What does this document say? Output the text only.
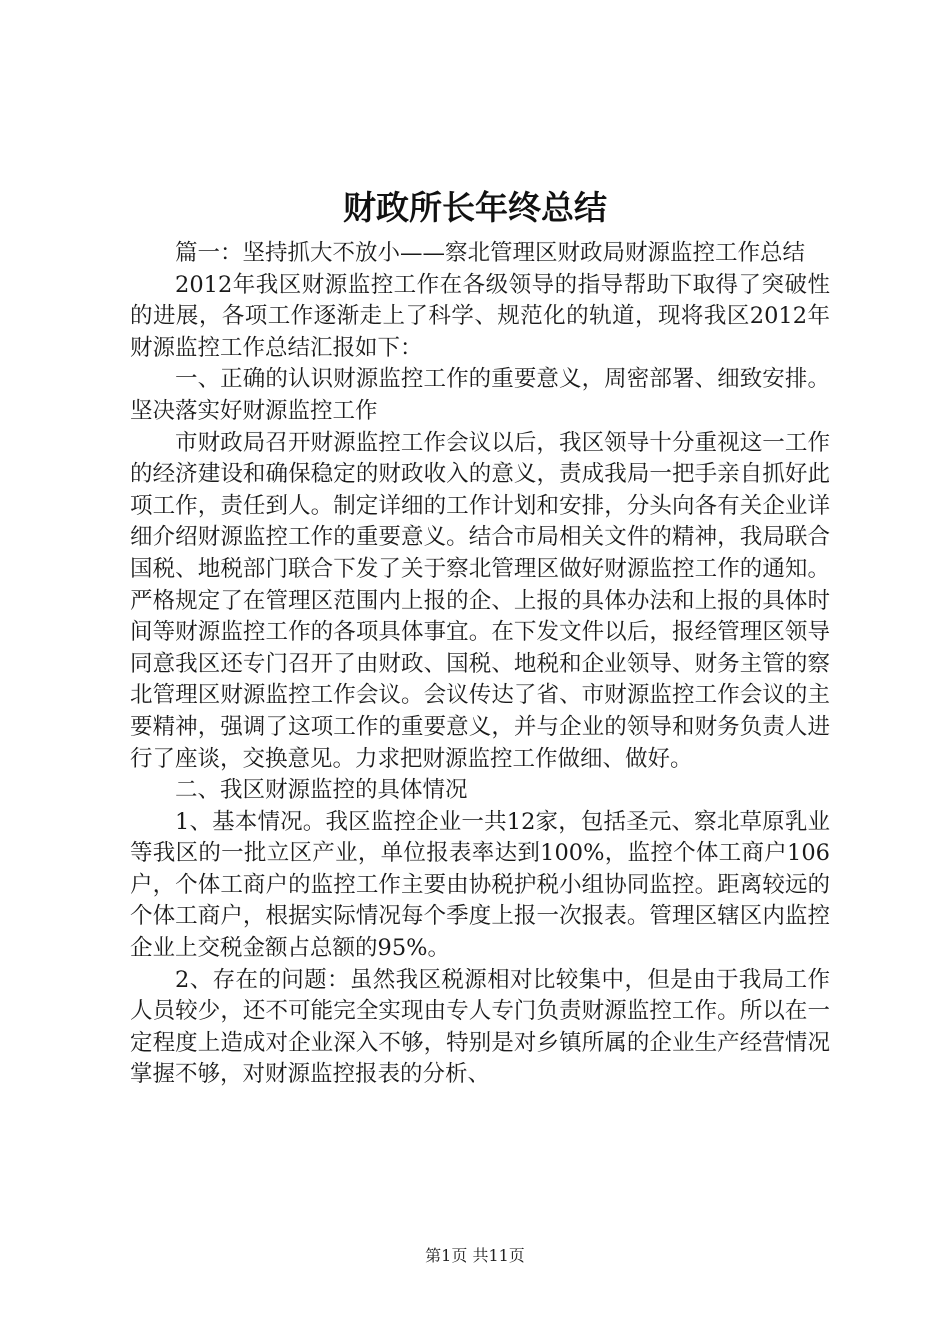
财政所长年终总结

篇一：坚持抓大不放小——察北管理区财政局财源监控工作总结

2012年我区财源监控工作在各级领导的指导帮助下取得了突破性的进展，各项工作逐渐走上了科学、规范化的轨道，现将我区2012年财源监控工作总结汇报如下：

一、正确的认识财源监控工作的重要意义，周密部署、细致安排。坚决落实好财源监控工作

市财政局召开财源监控工作会议以后，我区领导十分重视这一工作的经济建设和确保稳定的财政收入的意义，责成我局一把手亲自抓好此项工作，责任到人。制定详细的工作计划和安排，分头向各有关企业详细介绍财源监控工作的重要意义。结合市局相关文件的精神，我局联合国税、地税部门联合下发了关于察北管理区做好财源监控工作的通知。严格规定了在管理区范围内上报的企、上报的具体办法和上报的具体时间等财源监控工作的各项具体事宜。在下发文件以后，报经管理区领导同意我区还专门召开了由财政、国税、地税和企业领导、财务主管的察北管理区财源监控工作会议。会议传达了省、市财源监控工作会议的主要精神，强调了这项工作的重要意义，并与企业的领导和财务负责人进行了座谈，交换意见。力求把财源监控工作做细、做好。

二、我区财源监控的具体情况

1、基本情况。我区监控企业一共12家，包括圣元、察北草原乳业等我区的一批立区产业，单位报表率达到100%，监控个体工商户106户，个体工商户的监控工作主要由协税护税小组协同监控。距离较远的个体工商户，根据实际情况每个季度上报一次报表。管理区辖区内监控企业上交税金额占总额的95%。

2、存在的问题：虽然我区税源相对比较集中，但是由于我局工作人员较少，还不可能完全实现由专人专门负责财源监控工作。所以在一定程度上造成对企业深入不够，特别是对乡镇所属的企业生产经营情况掌握不够，对财源监控报表的分析、

第1页 共11页
